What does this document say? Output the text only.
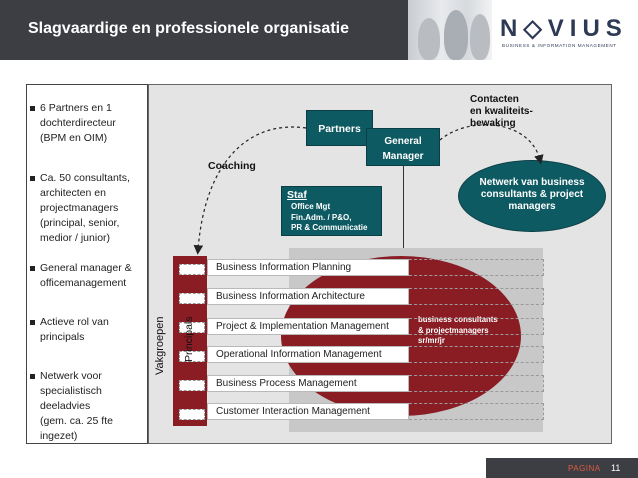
Slagvaardige en professionele organisatie	N◇VIUS
BUSINESS & INFORMATION MANAGEMENT
6 Partners en 1
dochterdirecteur
(BPM en OIM)
Ca. 50 consultants,
architecten en
projectmanagers
(principal, senior,
medior / junior)
General manager &
officemanagement
Actieve rol van
principals
Netwerk voor
specialistisch
deeladvies
(gem. ca. 25 fte
ingezet)
Partners
General
Manager
Staf
Office Mgt
Fin.Adm. / P&O,
PR & Communicatie
Contacten
en kwaliteits-
bewaking
Coaching
Netwerk van business
consultants & project
managers
business consultants
& projectmanagers
sr/mr/jr
Vakgroepen Principals
Business Information Planning
Business Information Architecture
Project & Implementation Management
Operational Information Management
Business Process Management
Customer Interaction Management
PAGINA 11
